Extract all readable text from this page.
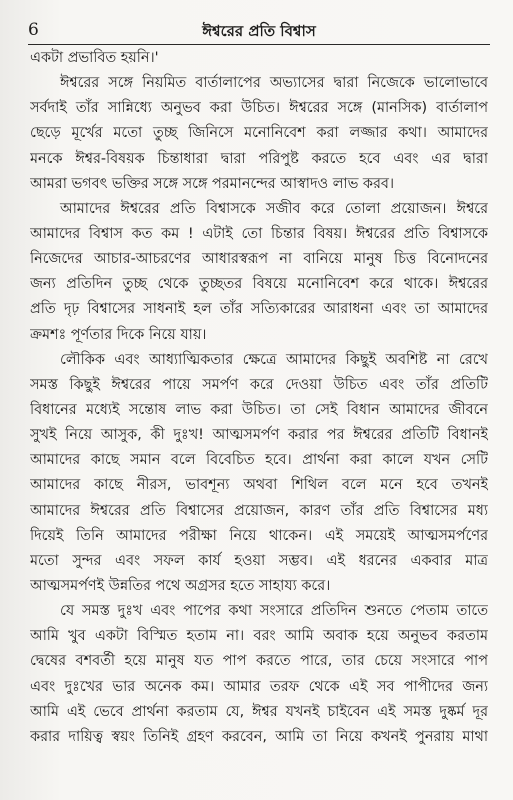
6	ঈশ্বরের প্রতি বিশ্বাস
একটা প্রভাবিত হয়নি।'
ঈশ্বরের সঙ্গে নিয়মিত বার্তালাপের অভ্যাসের দ্বারা নিজেকে ভালোভাবে
সর্বদাই তাঁর সান্নিধ্যে অনুভব করা উচিত। ঈশ্বরের সঙ্গে (মানসিক) বার্তালাপ
ছেড়ে মূর্খের মতো তুচ্ছ জিনিসে মনোনিবেশ করা লজ্জার কথা। আমাদের
মনকে ঈশ্বর-বিষয়ক চিন্তাধারা দ্বারা পরিপুষ্ট করতে হবে এবং এর দ্বারা
আমরা ভগবৎ ভক্তির সঙ্গে সঙ্গে পরমানন্দের আস্বাদও লাভ করব।
আমাদের ঈশ্বরের প্রতি বিশ্বাসকে সজীব করে তোলা প্রয়োজন। ঈশ্বরে
আমাদের বিশ্বাস কত কম ! এটাই তো চিন্তার বিষয়। ঈশ্বরের প্রতি বিশ্বাসকে
নিজেদের আচার-আচরণের আধারস্বরূপ না বানিয়ে মানুষ চিত্ত বিনোদনের
জন্য প্রতিদিন তুচ্ছ থেকে তুচ্ছতর বিষয়ে মনোনিবেশ করে থাকে। ঈশ্বরের
প্রতি দৃঢ় বিশ্বাসের সাধনাই হল তাঁর সত্যিকারের আরাধনা এবং তা আমাদের
ক্রমশঃ পূর্ণতার দিকে নিয়ে যায়।
লৌকিক এবং আধ্যাত্মিকতার ক্ষেত্রে আমাদের কিছুই অবশিষ্ট না রেখে
সমস্ত কিছুই ঈশ্বরের পায়ে সমর্পণ করে দেওয়া উচিত এবং তাঁর প্রতিটি
বিধানের মধ্যেই সন্তোষ লাভ করা উচিত। তা সেই বিধান আমাদের জীবনে
সুখই নিয়ে আসুক, কী দুঃখ! আত্মসমর্পণ করার পর ঈশ্বরের প্রতিটি বিধানই
আমাদের কাছে সমান বলে বিবেচিত হবে। প্রার্থনা করা কালে যখন সেটি
আমাদের কাছে নীরস, ভাবশূন্য অথবা শিথিল বলে মনে হবে তখনই
আমাদের ঈশ্বরের প্রতি বিশ্বাসের প্রয়োজন, কারণ তাঁর প্রতি বিশ্বাসের মধ্য
দিয়েই তিনি আমাদের পরীক্ষা নিয়ে থাকেন। এই সময়েই আত্মসমর্পণের
মতো সুন্দর এবং সফল কার্য হওয়া সম্ভব। এই ধরনের একবার মাত্র
আত্মসমর্পণই উন্নতির পথে অগ্রসর হতে সাহায্য করে।
যে সমস্ত দুঃখ এবং পাপের কথা সংসারে প্রতিদিন শুনতে পেতাম তাতে
আমি খুব একটা বিস্মিত হতাম না। বরং আমি অবাক হয়ে অনুভব করতাম
দ্বেষের বশবর্তী হয়ে মানুষ যত পাপ করতে পারে, তার চেয়ে সংসারে পাপ
এবং দুঃখের ভার অনেক কম। আমার তরফ থেকে এই সব পাপীদের জন্য
আমি এই ভেবে প্রার্থনা করতাম যে, ঈশ্বর যখনই চাইবেন এই সমস্ত দুষ্কর্ম দূর
করার দায়িত্ব স্বয়ং তিনিই গ্রহণ করবেন, আমি তা নিয়ে কখনই পুনরায় মাথা
